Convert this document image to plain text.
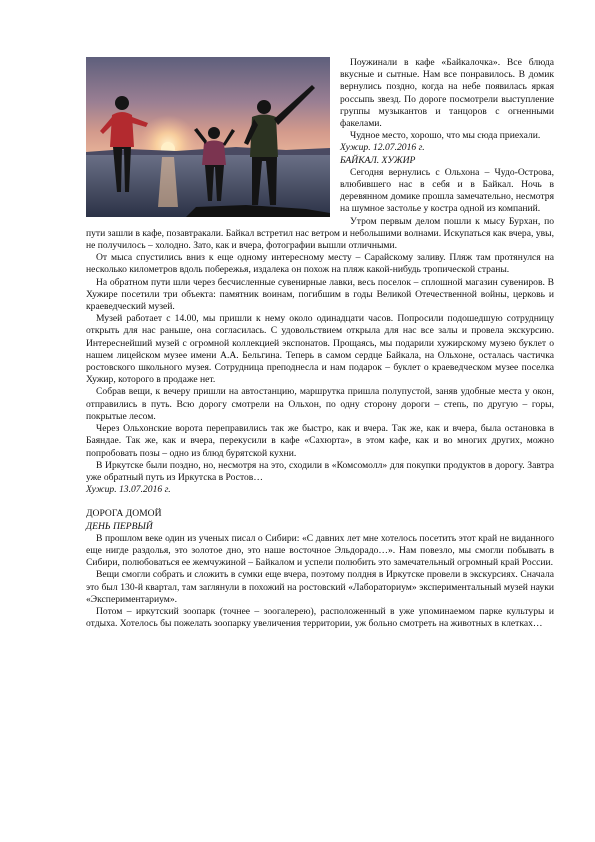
Поужинали в кафе «Байкалочка». Все блюда вкусные и сытные. Нам все понравилось. В домик вернулись поздно, когда на небе появилась яркая россыпь звезд. По дороге посмотрели выступление группы музыкантов и танцоров с огненными факелами.

Чудное место, хорошо, что мы сюда приехали.

Хужир. 12.07.2016 г.

БАЙКАЛ. ХУЖИР

Сегодня вернулись с Ольхона – Чудо-Острова, влюбившего нас в себя и в Байкал. Ночь в деревянном домике прошла замечательно, несмотря на шумное застолье у костра одной из компаний.

Утром первым делом пошли к мысу Бурхан, по пути зашли в кафе, позавтракали. Байкал встретил нас ветром и небольшими волнами. Искупаться как вчера, увы, не получилось – холодно. Зато, как и вчера, фотографии вышли отличными.

От мыса спустились вниз к еще одному интересному месту – Сарайскому заливу. Пляж там протянулся на несколько километров вдоль побережья, издалека он похож на пляж какой-нибудь тропической страны.

На обратном пути шли через бесчисленные сувенирные лавки, весь поселок – сплошной магазин сувениров. В Хужире посетили три объекта: памятник воинам, погибшим в годы Великой Отечественной войны, церковь и краеведческий музей.

Музей работает с 14.00, мы пришли к нему около одинадцати часов. Попросили подошедшую сотрудницу открыть для нас раньше, она согласилась. С удовольствием открыла для нас все залы и провела экскурсию. Интереснейший музей с огромной коллекцией экспонатов. Прощаясь, мы подарили хужирскому музею буклет о нашем лицейском музее имени А.А. Бельгина. Теперь в самом сердце Байкала, на Ольхоне, осталась частичка ростовского школьного музея. Сотрудница преподнесла и нам подарок – буклет о краеведческом музее поселка Хужир, которого в продаже нет.

Собрав вещи, к вечеру пришли на автостанцию, маршрутка пришла полупустой, заняв удобные места у окон, отправились в путь. Всю дорогу смотрели на Ольхон, по одну сторону дороги – степь, по другую – горы, покрытые лесом.

Через Ольхонские ворота переправились так же быстро, как и вчера. Так же, как и вчера, была остановка в Баяндае. Так же, как и вчера, перекусили в кафе «Сахюрта», в этом кафе, как и во многих других, можно попробовать позы – одно из блюд бурятской кухни.

В Иркутске были поздно, но, несмотря на это, сходили в «Комсомолл» для покупки продуктов в дорогу. Завтра уже обратный путь из Иркутска в Ростов…

Хужир. 13.07.2016 г.

ДОРОГА ДОМОЙ

ДЕНЬ ПЕРВЫЙ

В прошлом веке один из ученых писал о Сибири: «С давних лет мне хотелось посетить этот край не виданного еще нигде раздолья, это золотое дно, это наше восточное Эльдорадо…». Нам повезло, мы смогли побывать в Сибири, полюбоваться ее жемчужиной – Байкалом и успели полюбить это замечательный огромный край России.

Вещи смогли собрать и сложить в сумки еще вчера, поэтому полдня в Иркутске провели в экскурсиях. Сначала это был 130-й квартал, там заглянули в похожий на ростовский «Лабораториум» экспериментальный музей науки «Экспериментариум».

Потом – иркутский зоопарк (точнее – зоогалерею), расположенный в уже упоминаемом парке культуры и отдыха. Хотелось бы пожелать зоопарку увеличения территории, уж больно смотреть на животных в клетках…
